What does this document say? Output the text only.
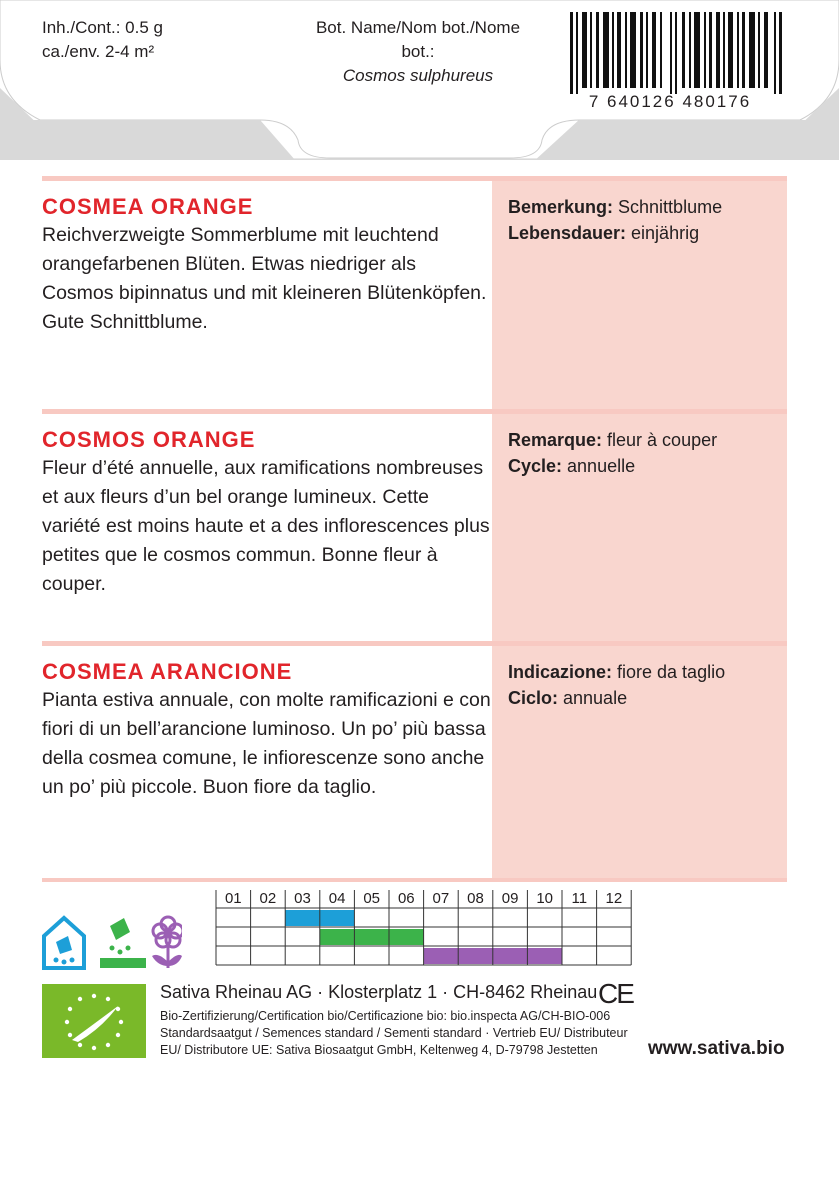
Inh./Cont.: 0.5 g
ca./env. 2-4 m²
Bot. Name/Nom bot./Nome bot.:
Cosmos sulphureus
7 640126 480176
COSMEA ORANGE
Reichverzweigte Sommerblume mit leuchtend orangefarbenen Blüten. Etwas niedriger als Cosmos bipinnatus und mit kleineren Blütenköpfen. Gute Schnittblume.
Bemerkung: Schnittblume
Lebensdauer: einjährig
COSMOS ORANGE
Fleur d’été annuelle, aux ramifications nombreuses et aux fleurs d’un bel orange lumineux. Cette variété est moins haute et a des inflorescences plus petites que le cosmos commun. Bonne fleur à couper.
Remarque: fleur à couper
Cycle: annuelle
COSMEA ARANCIONE
Pianta estiva annuale, con molte ramificazioni e con fiori di un bell’arancione luminoso. Un po’ più bassa della cosmea comune, le infiorescenze sono anche un po’ più piccole. Buon fiore da taglio.
Indicazione: fiore da taglio
Ciclo: annuale
01 02 03 04 05 06 07 08 09 10 11 12
Sativa Rheinau AG · Klosterplatz 1 · CH-8462 Rheinau CE
Bio-Zertifizierung/Certification bio/Certificazione bio: bio.inspecta AG/CH-BIO-006
Standardsaatgut / Semences standard / Sementi standard · Vertrieb EU/ Distributeur EU/ Distributore UE: Sativa Biosaatgut GmbH, Keltenweg 4, D-79798 Jestetten	www.sativa.bio
